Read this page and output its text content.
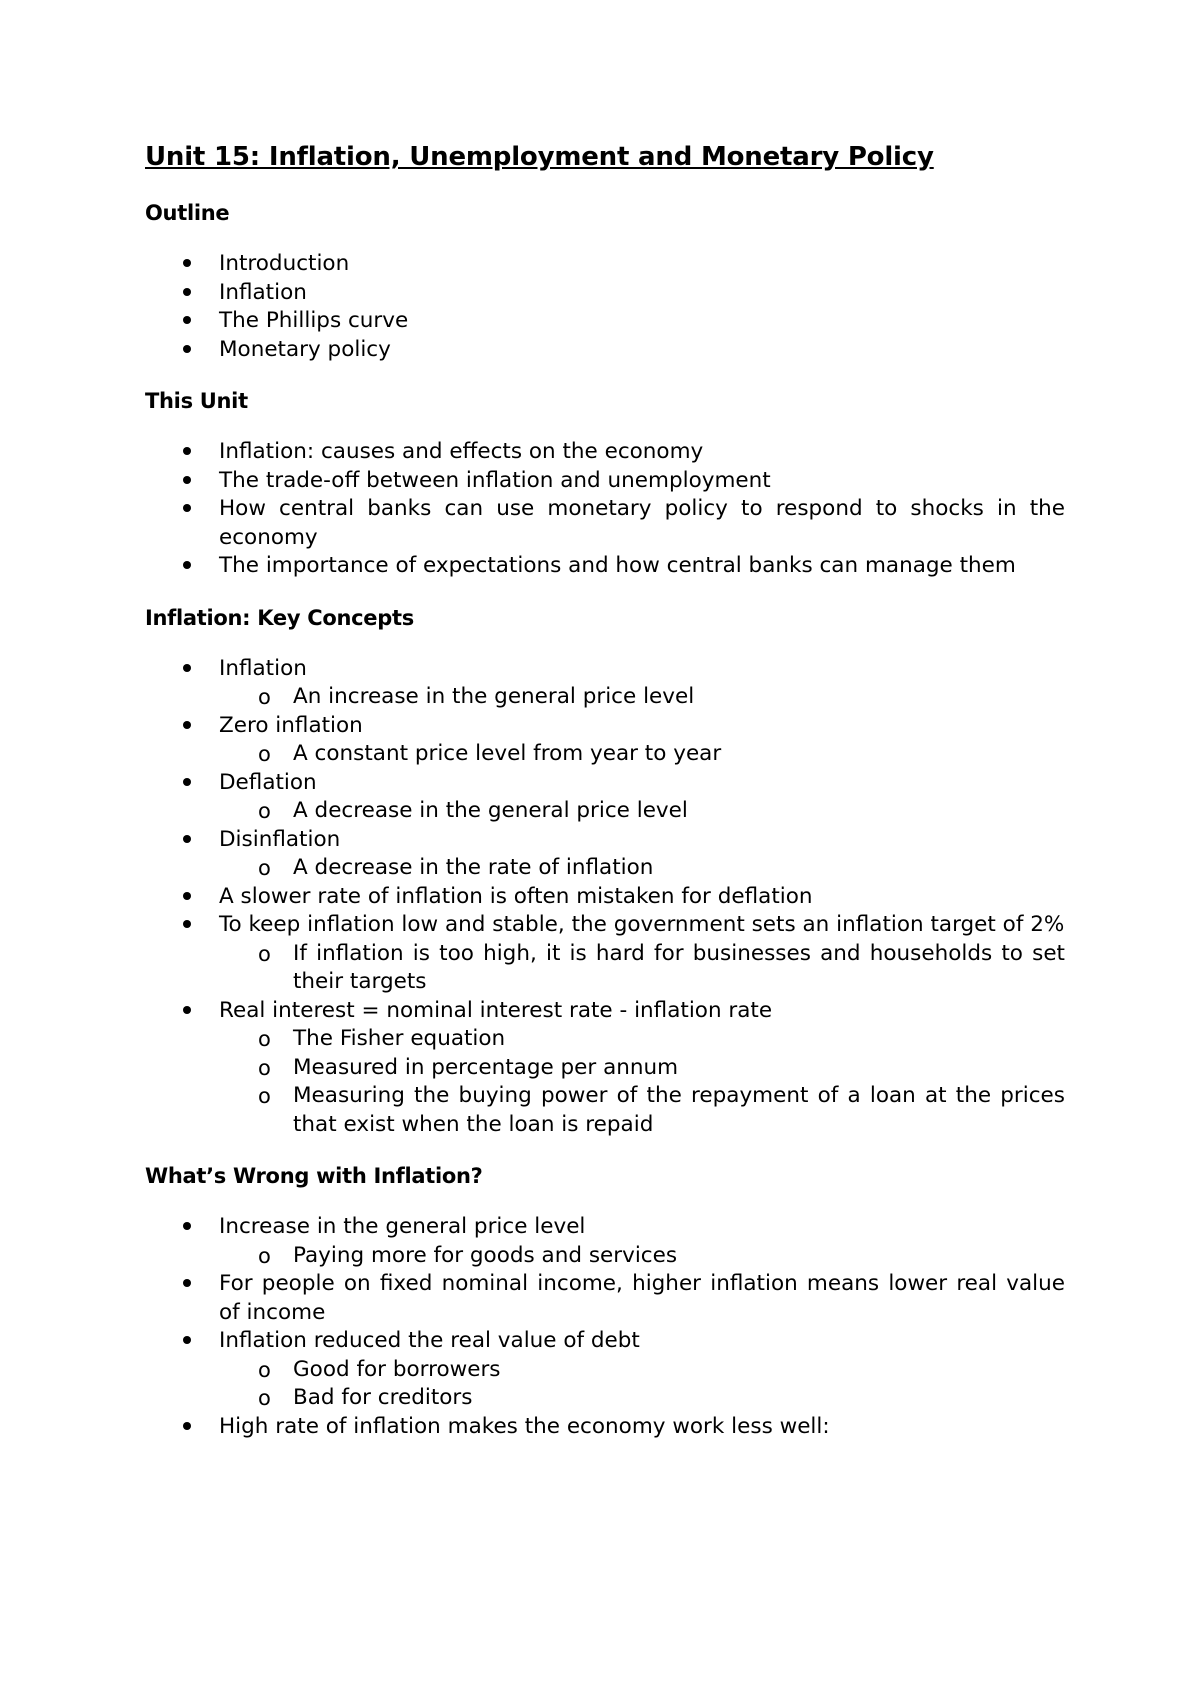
Unit 15: Inflation, Unemployment and Monetary Policy
Outline
Introduction
Inflation
The Phillips curve
Monetary policy
This Unit
Inflation: causes and effects on the economy
The trade-off between inflation and unemployment
How central banks can use monetary policy to respond to shocks in the economy
The importance of expectations and how central banks can manage them
Inflation: Key Concepts
Inflation
o An increase in the general price level
Zero inflation
o A constant price level from year to year
Deflation
o A decrease in the general price level
Disinflation
o A decrease in the rate of inflation
A slower rate of inflation is often mistaken for deflation
To keep inflation low and stable, the government sets an inflation target of 2%
o If inflation is too high, it is hard for businesses and households to set their targets
Real interest = nominal interest rate - inflation rate
o The Fisher equation
o Measured in percentage per annum
o Measuring the buying power of the repayment of a loan at the prices that exist when the loan is repaid
What’s Wrong with Inflation?
Increase in the general price level
o Paying more for goods and services
For people on fixed nominal income, higher inflation means lower real value of income
Inflation reduced the real value of debt
o Good for borrowers
o Bad for creditors
High rate of inflation makes the economy work less well:
